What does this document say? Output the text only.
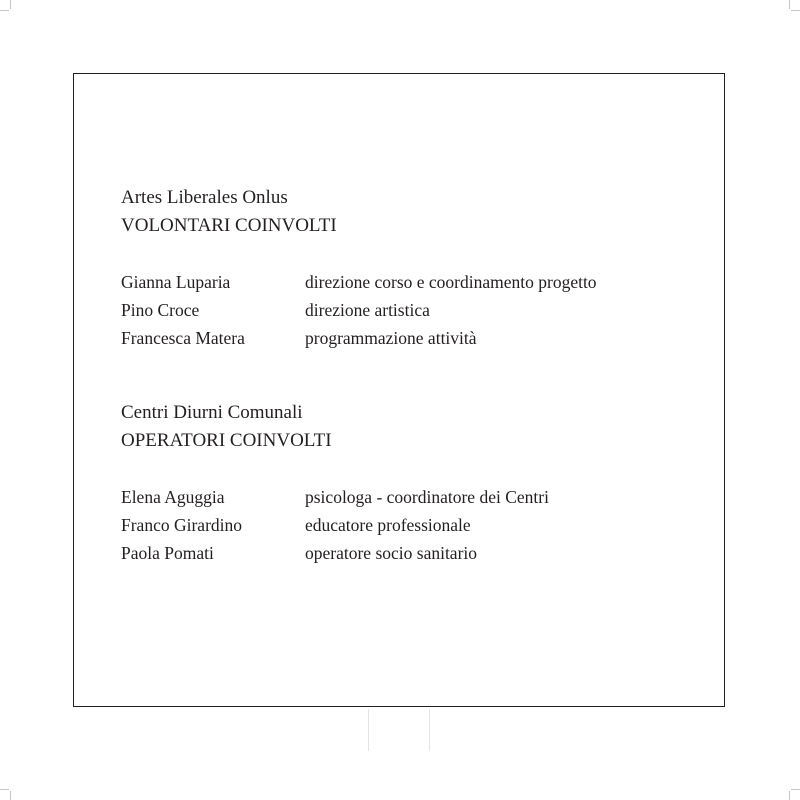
Artes Liberales Onlus

VOLONTARI COINVOLTI

Gianna Luparia	direzione corso e coordinamento progetto
Pino Croce	direzione artistica
Francesca Matera	programmazione attività

Centri Diurni Comunali

OPERATORI COINVOLTI

Elena Aguggia	psicologa - coordinatore dei Centri
Franco Girardino	educatore professionale
Paola Pomati	operatore socio sanitario
